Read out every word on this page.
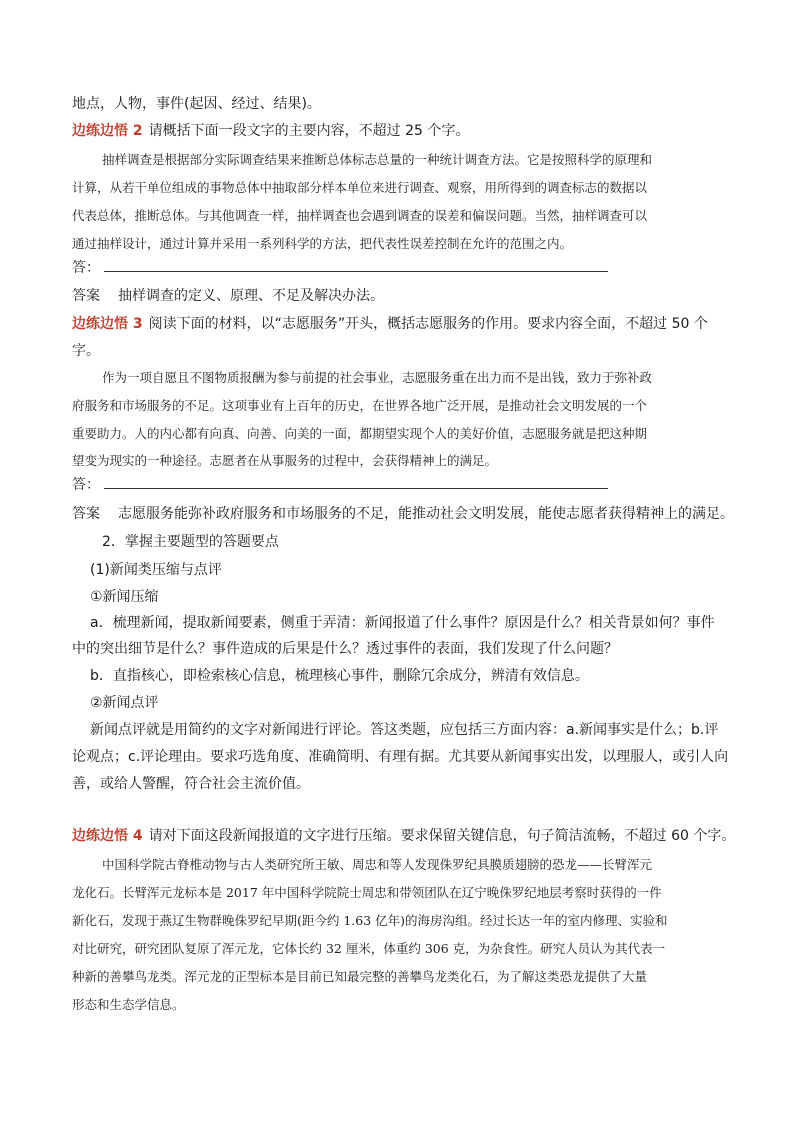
地点，人物，事件(起因、经过、结果)。
边练边悟 2 请概括下面一段文字的主要内容，不超过 25 个字。
抽样调查是根据部分实际调查结果来推断总体标志总量的一种统计调查方法。它是按照科学的原理和
计算，从若干单位组成的事物总体中抽取部分样本单位来进行调查、观察，用所得到的调查标志的数据以
代表总体，推断总体。与其他调查一样，抽样调查也会遇到调查的误差和偏误问题。当然，抽样调查可以
通过抽样设计，通过计算并采用一系列科学的方法，把代表性误差控制在允许的范围之内。
答：
答案 抽样调查的定义、原理、不足及解决办法。
边练边悟 3 阅读下面的材料，以“志愿服务”开头，概括志愿服务的作用。要求内容全面，不超过 50 个
字。
作为一项自愿且不图物质报酬为参与前提的社会事业，志愿服务重在出力而不是出钱，致力于弥补政
府服务和市场服务的不足。这项事业有上百年的历史，在世界各地广泛开展，是推动社会文明发展的一个
重要助力。人的内心都有向真、向善、向美的一面，都期望实现个人的美好价值，志愿服务就是把这种期
望变为现实的一种途径。志愿者在从事服务的过程中，会获得精神上的满足。
答：
答案 志愿服务能弥补政府服务和市场服务的不足，能推动社会文明发展，能使志愿者获得精神上的满足。
2．掌握主要题型的答题要点
(1)新闻类压缩与点评
①新闻压缩
a．梳理新闻，提取新闻要素，侧重于弄清：新闻报道了什么事件？原因是什么？相关背景如何？事件
中的突出细节是什么？事件造成的后果是什么？透过事件的表面，我们发现了什么问题？
b．直指核心，即检索核心信息，梳理核心事件，删除冗余成分，辨清有效信息。
②新闻点评
新闻点评就是用简约的文字对新闻进行评论。答这类题，应包括三方面内容：a.新闻事实是什么；b.评
论观点；c.评论理由。要求巧选角度、准确简明、有理有据。尤其要从新闻事实出发，以理服人，或引人向
善，或给人警醒，符合社会主流价值。
边练边悟 4 请对下面这段新闻报道的文字进行压缩。要求保留关键信息，句子简洁流畅，不超过 60 个字。
中国科学院古脊椎动物与古人类研究所王敏、周忠和等人发现侏罗纪具膜质翅膀的恐龙——长臂浑元
龙化石。长臂浑元龙标本是 2017 年中国科学院院士周忠和带领团队在辽宁晚侏罗纪地层考察时获得的一件
新化石，发现于燕辽生物群晚侏罗纪早期(距今约 1.63 亿年)的海房沟组。经过长达一年的室内修理、实验和
对比研究，研究团队复原了浑元龙，它体长约 32 厘米，体重约 306 克，为杂食性。研究人员认为其代表一
种新的善攀鸟龙类。浑元龙的正型标本是目前已知最完整的善攀鸟龙类化石，为了解这类恐龙提供了大量
形态和生态学信息。
